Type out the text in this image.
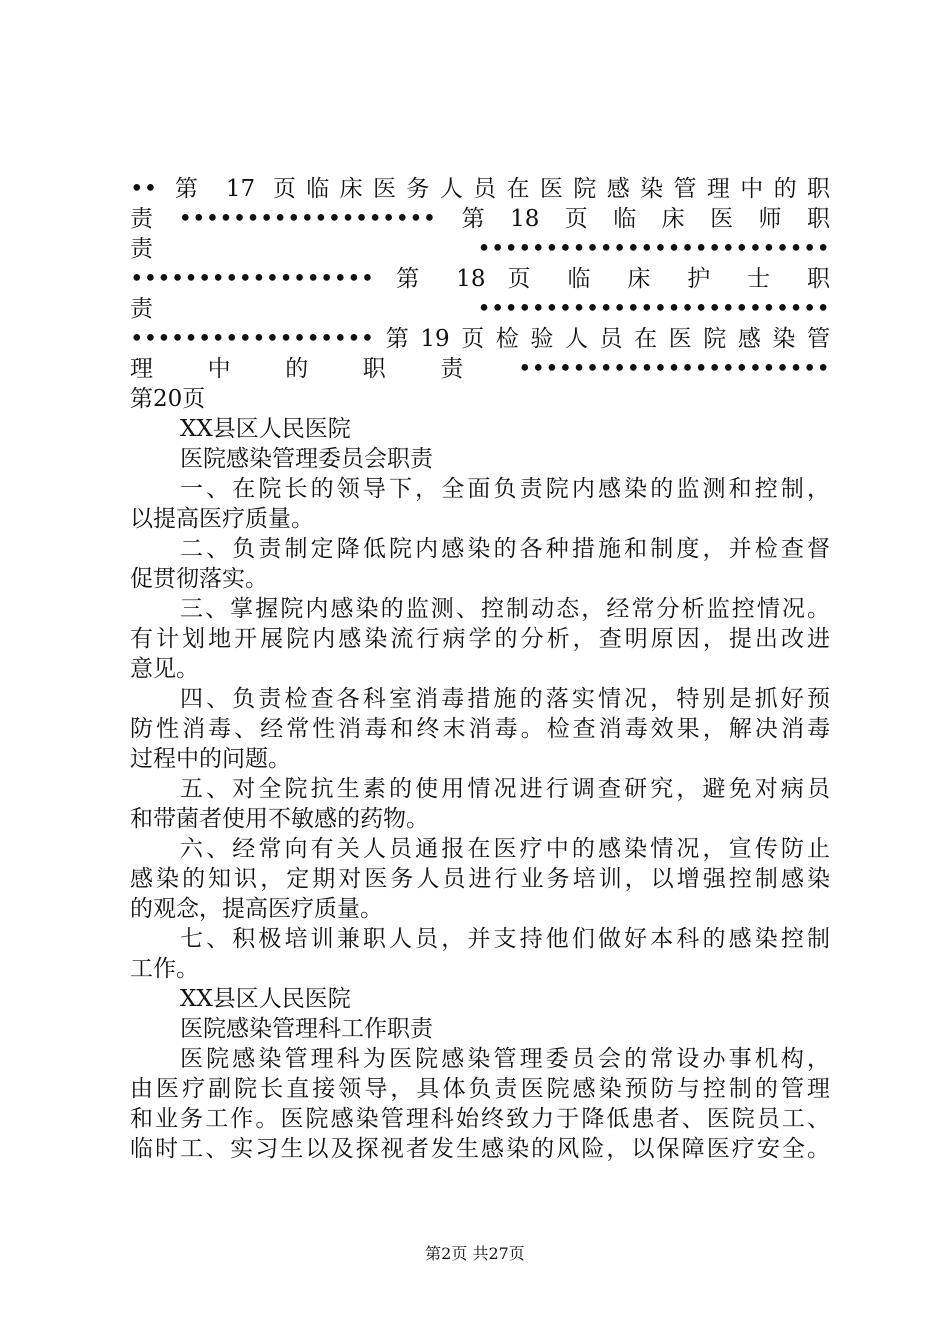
•• 第 17 页临床医务人员在医院感染管理中的职
责•••••••••••••••••••第18页临床医师职
责 ••••••••••••••••••••••••••
•••••••••••••••••• 第 18 页 临 床 护 士 职
责 ••••••••••••••••••••••••••
••••••••••••••••••第19页检验人员在医院感染管
理中的职责•••••••••••••••••••••••
第20页
XX县区人民医院
医院感染管理委员会职责
一、在院长的领导下，全面负责院内感染的监测和控制，
以提高医疗质量。
二、负责制定降低院内感染的各种措施和制度，并检查督
促贯彻落实。
三、掌握院内感染的监测、控制动态，经常分析监控情况。
有计划地开展院内感染流行病学的分析，查明原因，提出改进
意见。
四、负责检查各科室消毒措施的落实情况，特别是抓好预
防性消毒、经常性消毒和终末消毒。检查消毒效果，解决消毒
过程中的问题。
五、对全院抗生素的使用情况进行调查研究，避免对病员
和带菌者使用不敏感的药物。
六、经常向有关人员通报在医疗中的感染情况，宣传防止
感染的知识，定期对医务人员进行业务培训，以增强控制感染
的观念，提高医疗质量。
七、积极培训兼职人员，并支持他们做好本科的感染控制
工作。
XX县区人民医院
医院感染管理科工作职责
医院感染管理科为医院感染管理委员会的常设办事机构，
由医疗副院长直接领导，具体负责医院感染预防与控制的管理
和业务工作。医院感染管理科始终致力于降低患者、医院员工、
临时工、实习生以及探视者发生感染的风险，以保障医疗安全。
第2页 共27页
